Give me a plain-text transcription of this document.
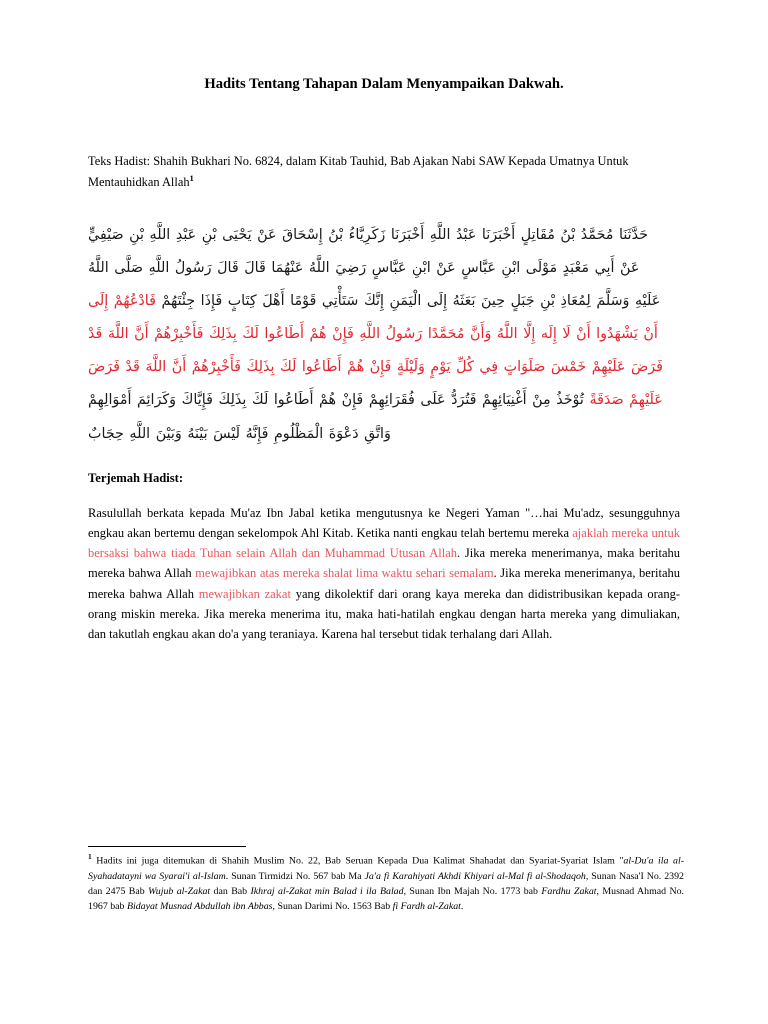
Hadits Tentang Tahapan Dalam Menyampaikan Dakwah.

Teks Hadist: Shahih Bukhari No. 6824, dalam Kitab Tauhid, Bab Ajakan Nabi SAW Kepada Umatnya Untuk Mentauhidkan Allah$^1$

حَدَّثَنَا مُحَمَّدُ بْنُ مُقَاتِلٍ أَخْبَرَنَا عَبْدُ اللَّهِ أَخْبَرَنَا زَكَرِيَّاءُ بْنُ إِسْحَاقَ عَنْ يَحْيَى بْنِ عَبْدِ اللَّهِ بْنِ صَيْفِيٍّ
عَنْ أَبِي مَعْبَدٍ مَوْلَى ابْنِ عَبَّاسٍ عَنْ ابْنِ عَبَّاسٍ رَضِيَ اللَّهُ عَنْهُمَا قَالَ قَالَ رَسُولُ اللَّهِ صَلَّى اللَّهُ
عَلَيْهِ وَسَلَّمَ لِمُعَاذِ بْنِ جَبَلٍ حِينَ بَعَثَهُ إِلَى الْيَمَنِ إِنَّكَ سَتَأْتِي قَوْمًا أَهْلَ كِتَابٍ فَإِذَا جِئْتَهُمْ فَادْعُهُمْ إِلَى
أَنْ يَشْهَدُوا أَنْ لَا إِلَه إِلَّا اللَّهُ وَأَنَّ مُحَمَّدًا رَسُولُ اللَّهِ فَإِنْ هُمْ أَطَاعُوا لَكَ بِذَلِكَ فَأَخْبِرْهُمْ أَنَّ اللَّهَ قَدْ
فَرَضَ عَلَيْهِمْ خَمْسَ صَلَوَاتٍ فِي كُلِّ يَوْمٍ وَلَيْلَةٍ فَإِنْ هُمْ أَطَاعُوا لَكَ بِذَلِكَ فَأَخْبِرْهُمْ أَنَّ اللَّهَ قَدْ فَرَضَ
عَلَيْهِمْ صَدَقَةً تُوْخَذُ مِنْ أَغْنِيَائِهِمْ فَتُرَدُّ عَلَى فُقَرَائِهِمْ فَإِنْ هُمْ أَطَاعُوا لَكَ بِذَلِكَ فَإِيَّاكَ وَكَرَائِمَ أَمْوَالِهِمْ
وَاتَّقِ دَعْوَةَ الْمَظْلُومِ فَإِنَّهُ لَيْسَ بَيْنَهُ وَبَيْنَ اللَّهِ حِجَابٌ

Terjemah Hadist:

Rasulullah berkata kepada Mu'az Ibn Jabal ketika mengutusnya ke Negeri Yaman "…hai Mu'adz, sesungguhnya engkau akan bertemu dengan sekelompok Ahl Kitab. Ketika nanti engkau telah bertemu mereka ajaklah mereka untuk bersaksi bahwa tiada Tuhan selain Allah dan Muhammad Utusan Allah. Jika mereka menerimanya, maka beritahu mereka bahwa Allah mewajibkan atas mereka shalat lima waktu sehari semalam. Jika mereka menerimanya, beritahu mereka bahwa Allah mewajibkan zakat yang dikolektif dari orang kaya mereka dan didistribusikan kepada orang-orang miskin mereka. Jika mereka menerima itu, maka hati-hatilah engkau dengan harta mereka yang dimuliakan, dan takutlah engkau akan do'a yang teraniaya. Karena hal tersebut tidak terhalang dari Allah.

$^1$ Hadits ini juga ditemukan di Shahih Muslim No. 22, Bab Seruan Kepada Dua Kalimat Shahadat dan Syariat-Syariat Islam "al-Du'a ila al-Syahadatayni wa Syarai'i al-Islam. Sunan Tirmidzi No. 567 bab Ma Ja'a fi Karahiyati Akhdi Khiyari al-Mal fi al-Shodaqoh, Sunan Nasa'I No. 2392 dan 2475 Bab Wujub al-Zakat dan Bab Ikhraj al-Zakat min Balad i ila Balad, Sunan Ibn Majah No. 1773 bab Fardhu Zakat, Musnad Ahmad No. 1967 bab Bidayat Musnad Abdullah ibn Abbas, Sunan Darimi No. 1563 Bab fi Fardh al-Zakat.
